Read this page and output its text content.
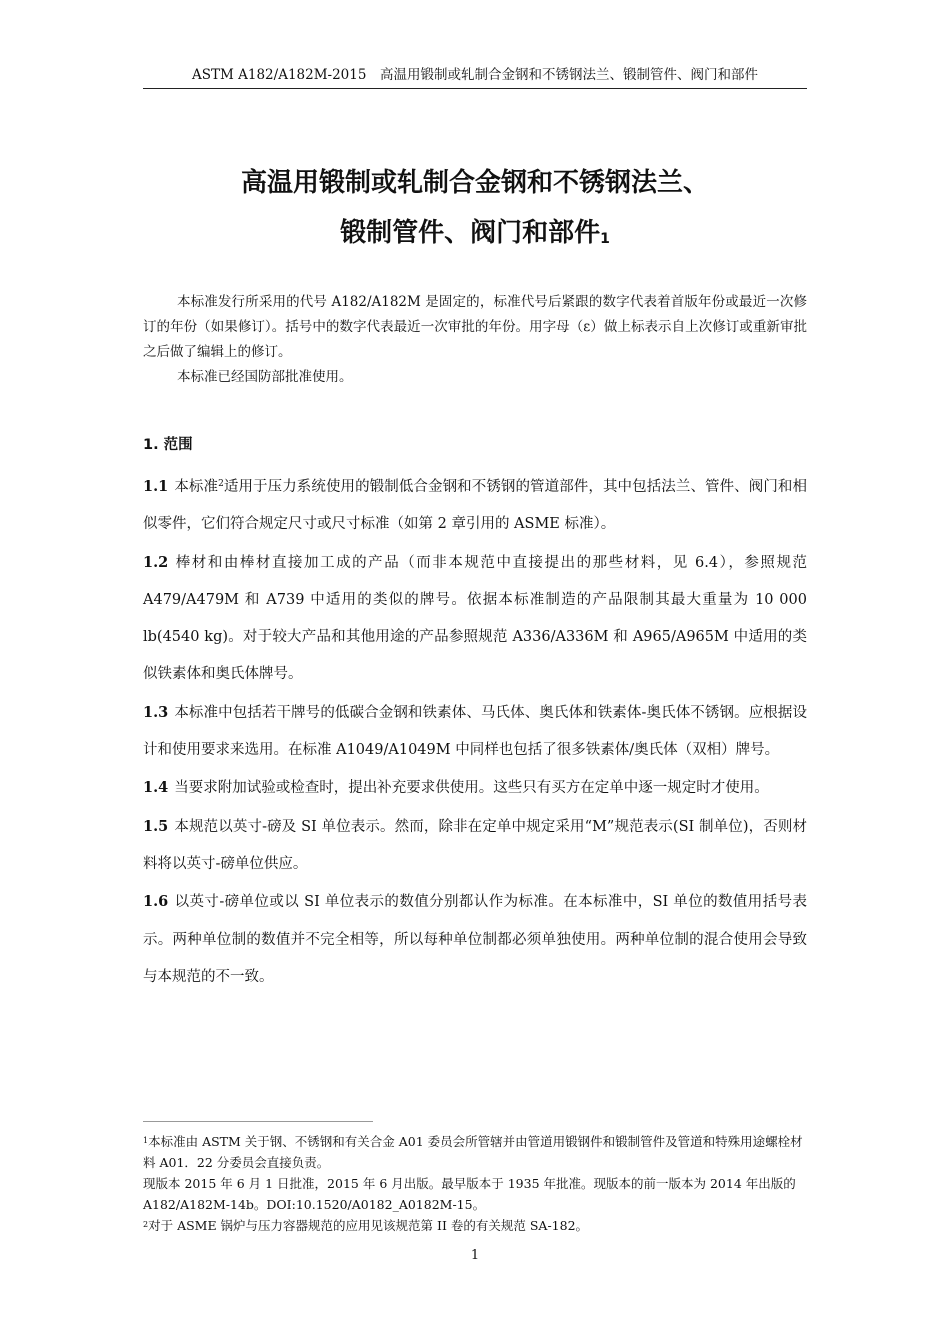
ASTM A182/A182M-2015　高温用锻制或轧制合金钢和不锈钢法兰、锻制管件、阀门和部件
高温用锻制或轧制合金钢和不锈钢法兰、
锻制管件、阀门和部件$^1$

本标准发行所采用的代号 A182/A182M 是固定的，标准代号后紧跟的数字代表着首版年份或最近一次修订的年份（如果修订）。括号中的数字代表最近一次审批的年份。用字母（ε）做上标表示自上次修订或重新审批之后做了编辑上的修订。

本标准已经国防部批准使用。

1. 范围

1.1 本标准$^2$适用于压力系统使用的锻制低合金钢和不锈钢的管道部件，其中包括法兰、管件、阀门和相似零件，它们符合规定尺寸或尺寸标准（如第 2 章引用的 ASME 标准）。

1.2 棒材和由棒材直接加工成的产品（而非本规范中直接提出的那些材料，见 6.4），参照规范 A479/A479M 和 A739 中适用的类似的牌号。依据本标准制造的产品限制其最大重量为 10 000 lb(4540 kg)。对于较大产品和其他用途的产品参照规范 A336/A336M 和 A965/A965M 中适用的类似铁素体和奥氏体牌号。

1.3 本标准中包括若干牌号的低碳合金钢和铁素体、马氏体、奥氏体和铁素体-奥氏体不锈钢。应根据设计和使用要求来选用。在标准 A1049/A1049M 中同样也包括了很多铁素体/奥氏体（双相）牌号。

1.4 当要求附加试验或检查时，提出补充要求供使用。这些只有买方在定单中逐一规定时才使用。

1.5 本规范以英寸-磅及 SI 单位表示。然而，除非在定单中规定采用“M”规范表示(SI 制单位)，否则材料将以英寸-磅单位供应。

1.6 以英寸-磅单位或以 SI 单位表示的数值分别都认作为标准。在本标准中，SI 单位的数值用括号表示。两种单位制的数值并不完全相等，所以每种单位制都必须单独使用。两种单位制的混合使用会导致与本规范的不一致。

$^1$本标准由 ASTM 关于钢、不锈钢和有关合金 A01 委员会所管辖并由管道用锻钢件和锻制管件及管道和特殊用途螺栓材料 A01．22 分委员会直接负责。

现版本 2015 年 6 月 1 日批准，2015 年 6 月出版。最早版本于 1935 年批准。现版本的前一版本为 2014 年出版的 A182/A182M-14b。DOI:10.1520/A0182_A0182M-15。

$^2$对于 ASME 锅炉与压力容器规范的应用见该规范第 II 卷的有关规范 SA-182。

1
